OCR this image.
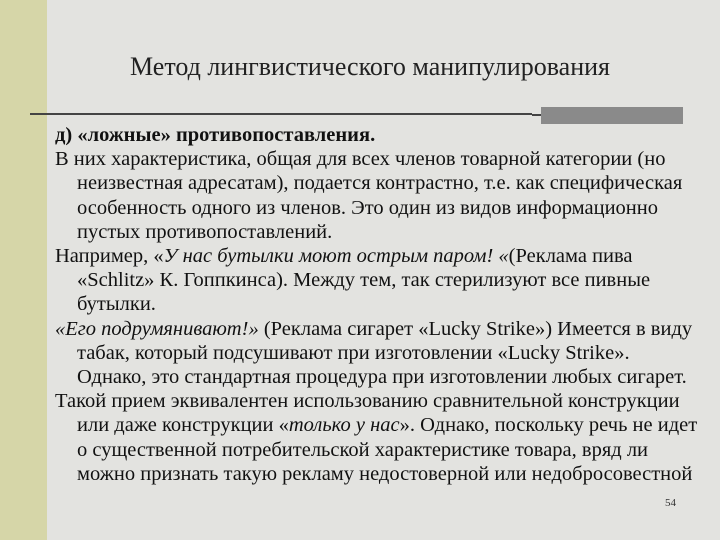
Метод лингвистического манипулирования

д) «ложные» противопоставления.

В них характеристика, общая для всех членов товарной категории (но неизвестная адресатам), подается контрастно, т.е. как специфическая особенность одного из членов. Это один из видов информационно пустых противопоставлений.

Например, «У нас бутылки моют острым паром! «(Реклама пива «Schlitz» К. Гоппкинса). Между тем, так стерилизуют все пивные бутылки.

«Его подрумянивают!» (Реклама сигарет «Lucky Strike») Имеется в виду табак, который подсушивают при изготовлении «Lucky Strike». Однако, это стандартная процедура при изготовлении любых сигарет.

Такой прием эквивалентен использованию сравнительной конструкции или даже конструкции «только у нас». Однако, поскольку речь не идет о существенной потребительской характеристике товара, вряд ли можно признать такую рекламу недостоверной или недобросовестной

54
